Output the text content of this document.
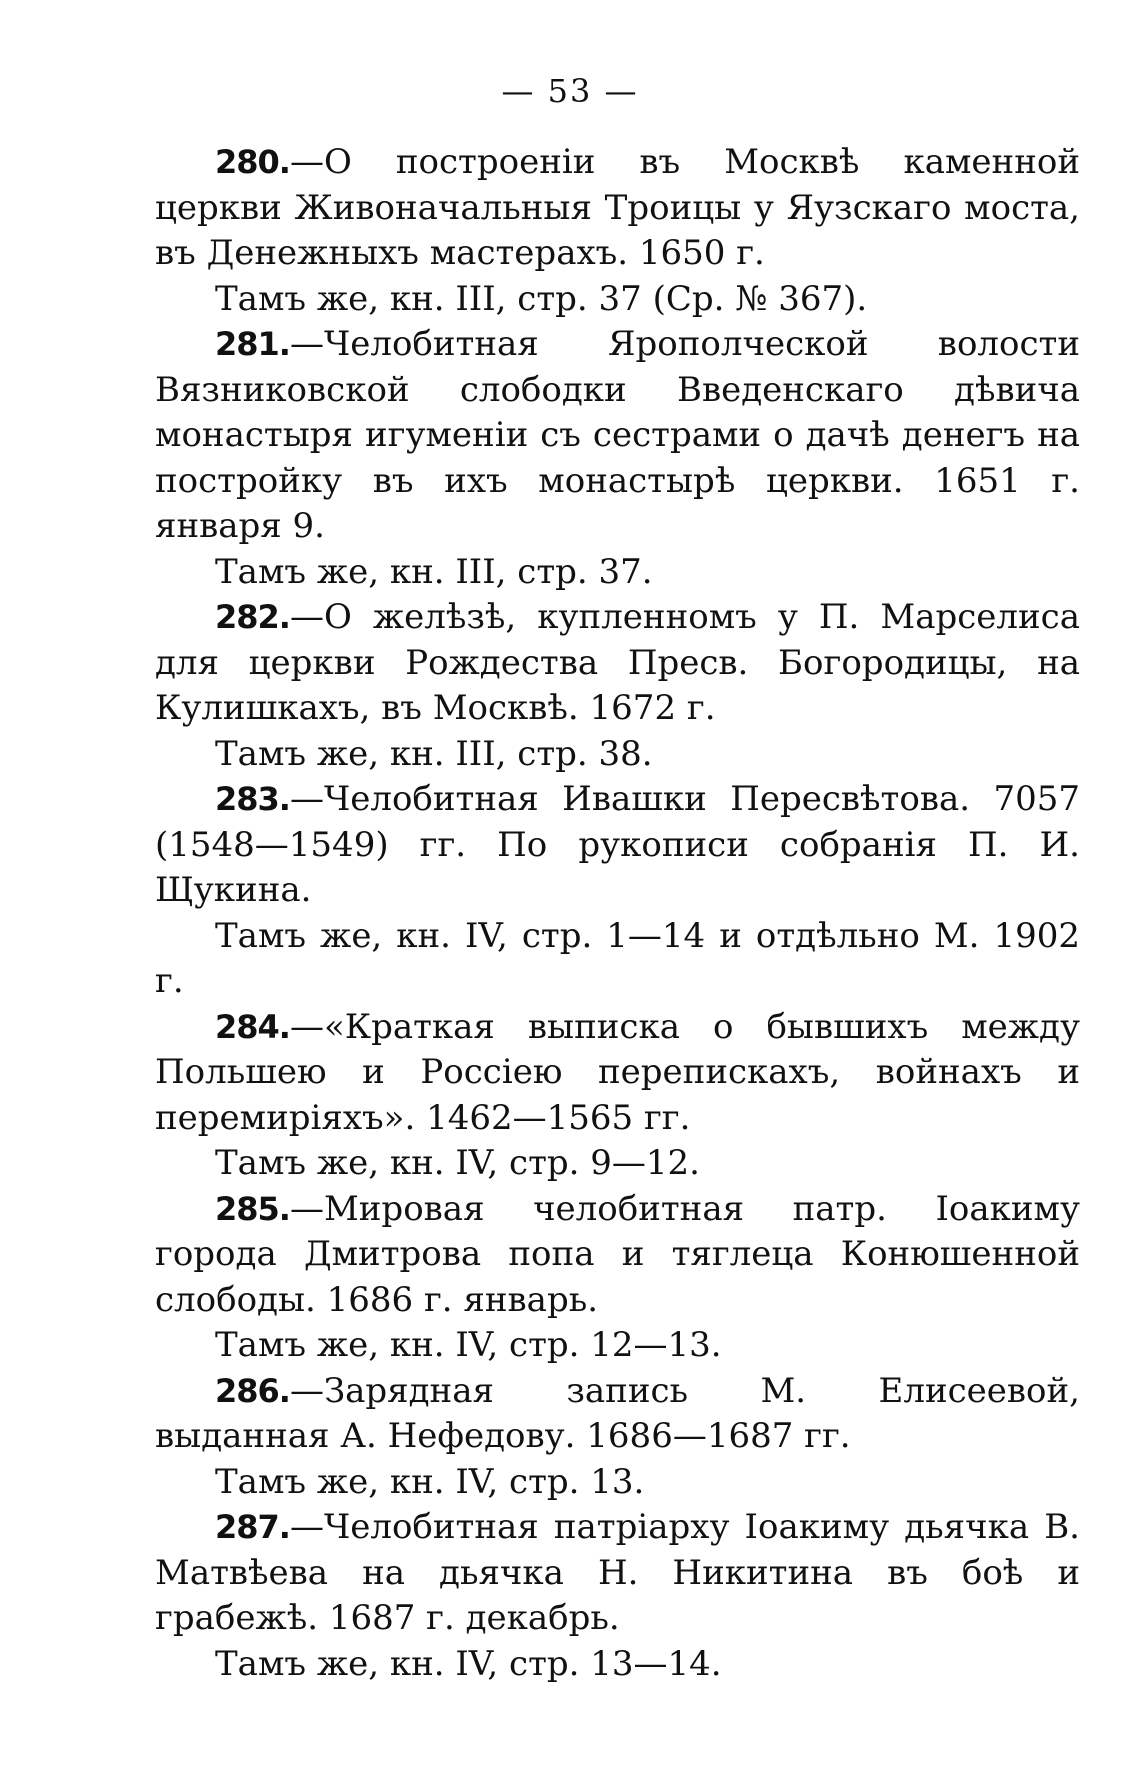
— 53 —

280.—О построенiи въ Москвѣ каменной церкви Живоначальныя Троицы у Яузскаго моста, въ Денежныхъ мастерахъ. 1650 г.

Тамъ же, кн. III, стр. 37 (Ср. № 367).

281.—Челобитная Ярополческой волости Вязниковской слободки Введенскаго дѣвича монастыря игуменiи съ сестрами о дачѣ денегъ на постройку въ ихъ монастырѣ церкви. 1651 г. января 9.

Тамъ же, кн. III, стр. 37.

282.—О желѣзѣ, купленномъ у П. Марселиса для церкви Рождества Пресв. Богородицы, на Кулишкахъ, въ Москвѣ. 1672 г.

Тамъ же, кн. III, стр. 38.

283.—Челобитная Ивашки Пересвѣтова. 7057 (1548—1549) гг. По рукописи собранiя П. И. Щукина.

Тамъ же, кн. IV, стр. 1—14 и отдѣльно М. 1902 г.

284.—«Краткая выписка о бывшихъ между Польшею и Россiею перепискахъ, войнахъ и перемирiяхъ». 1462—1565 гг.

Тамъ же, кн. IV, стр. 9—12.

285.—Мировая челобитная патр. Іоакиму города Дмитрова попа и тяглеца Конюшенной слободы. 1686 г. январь.

Тамъ же, кн. IV, стр. 12—13.

286.—Зарядная запись М. Елисеевой, выданная А. Нефедову. 1686—1687 гг.

Тамъ же, кн. IV, стр. 13.

287.—Челобитная патрiарху Іоакиму дьячка В. Матвѣева на дьячка Н. Никитина въ боѣ и грабежѣ. 1687 г. декабрь.

Тамъ же, кн. IV, стр. 13—14.
